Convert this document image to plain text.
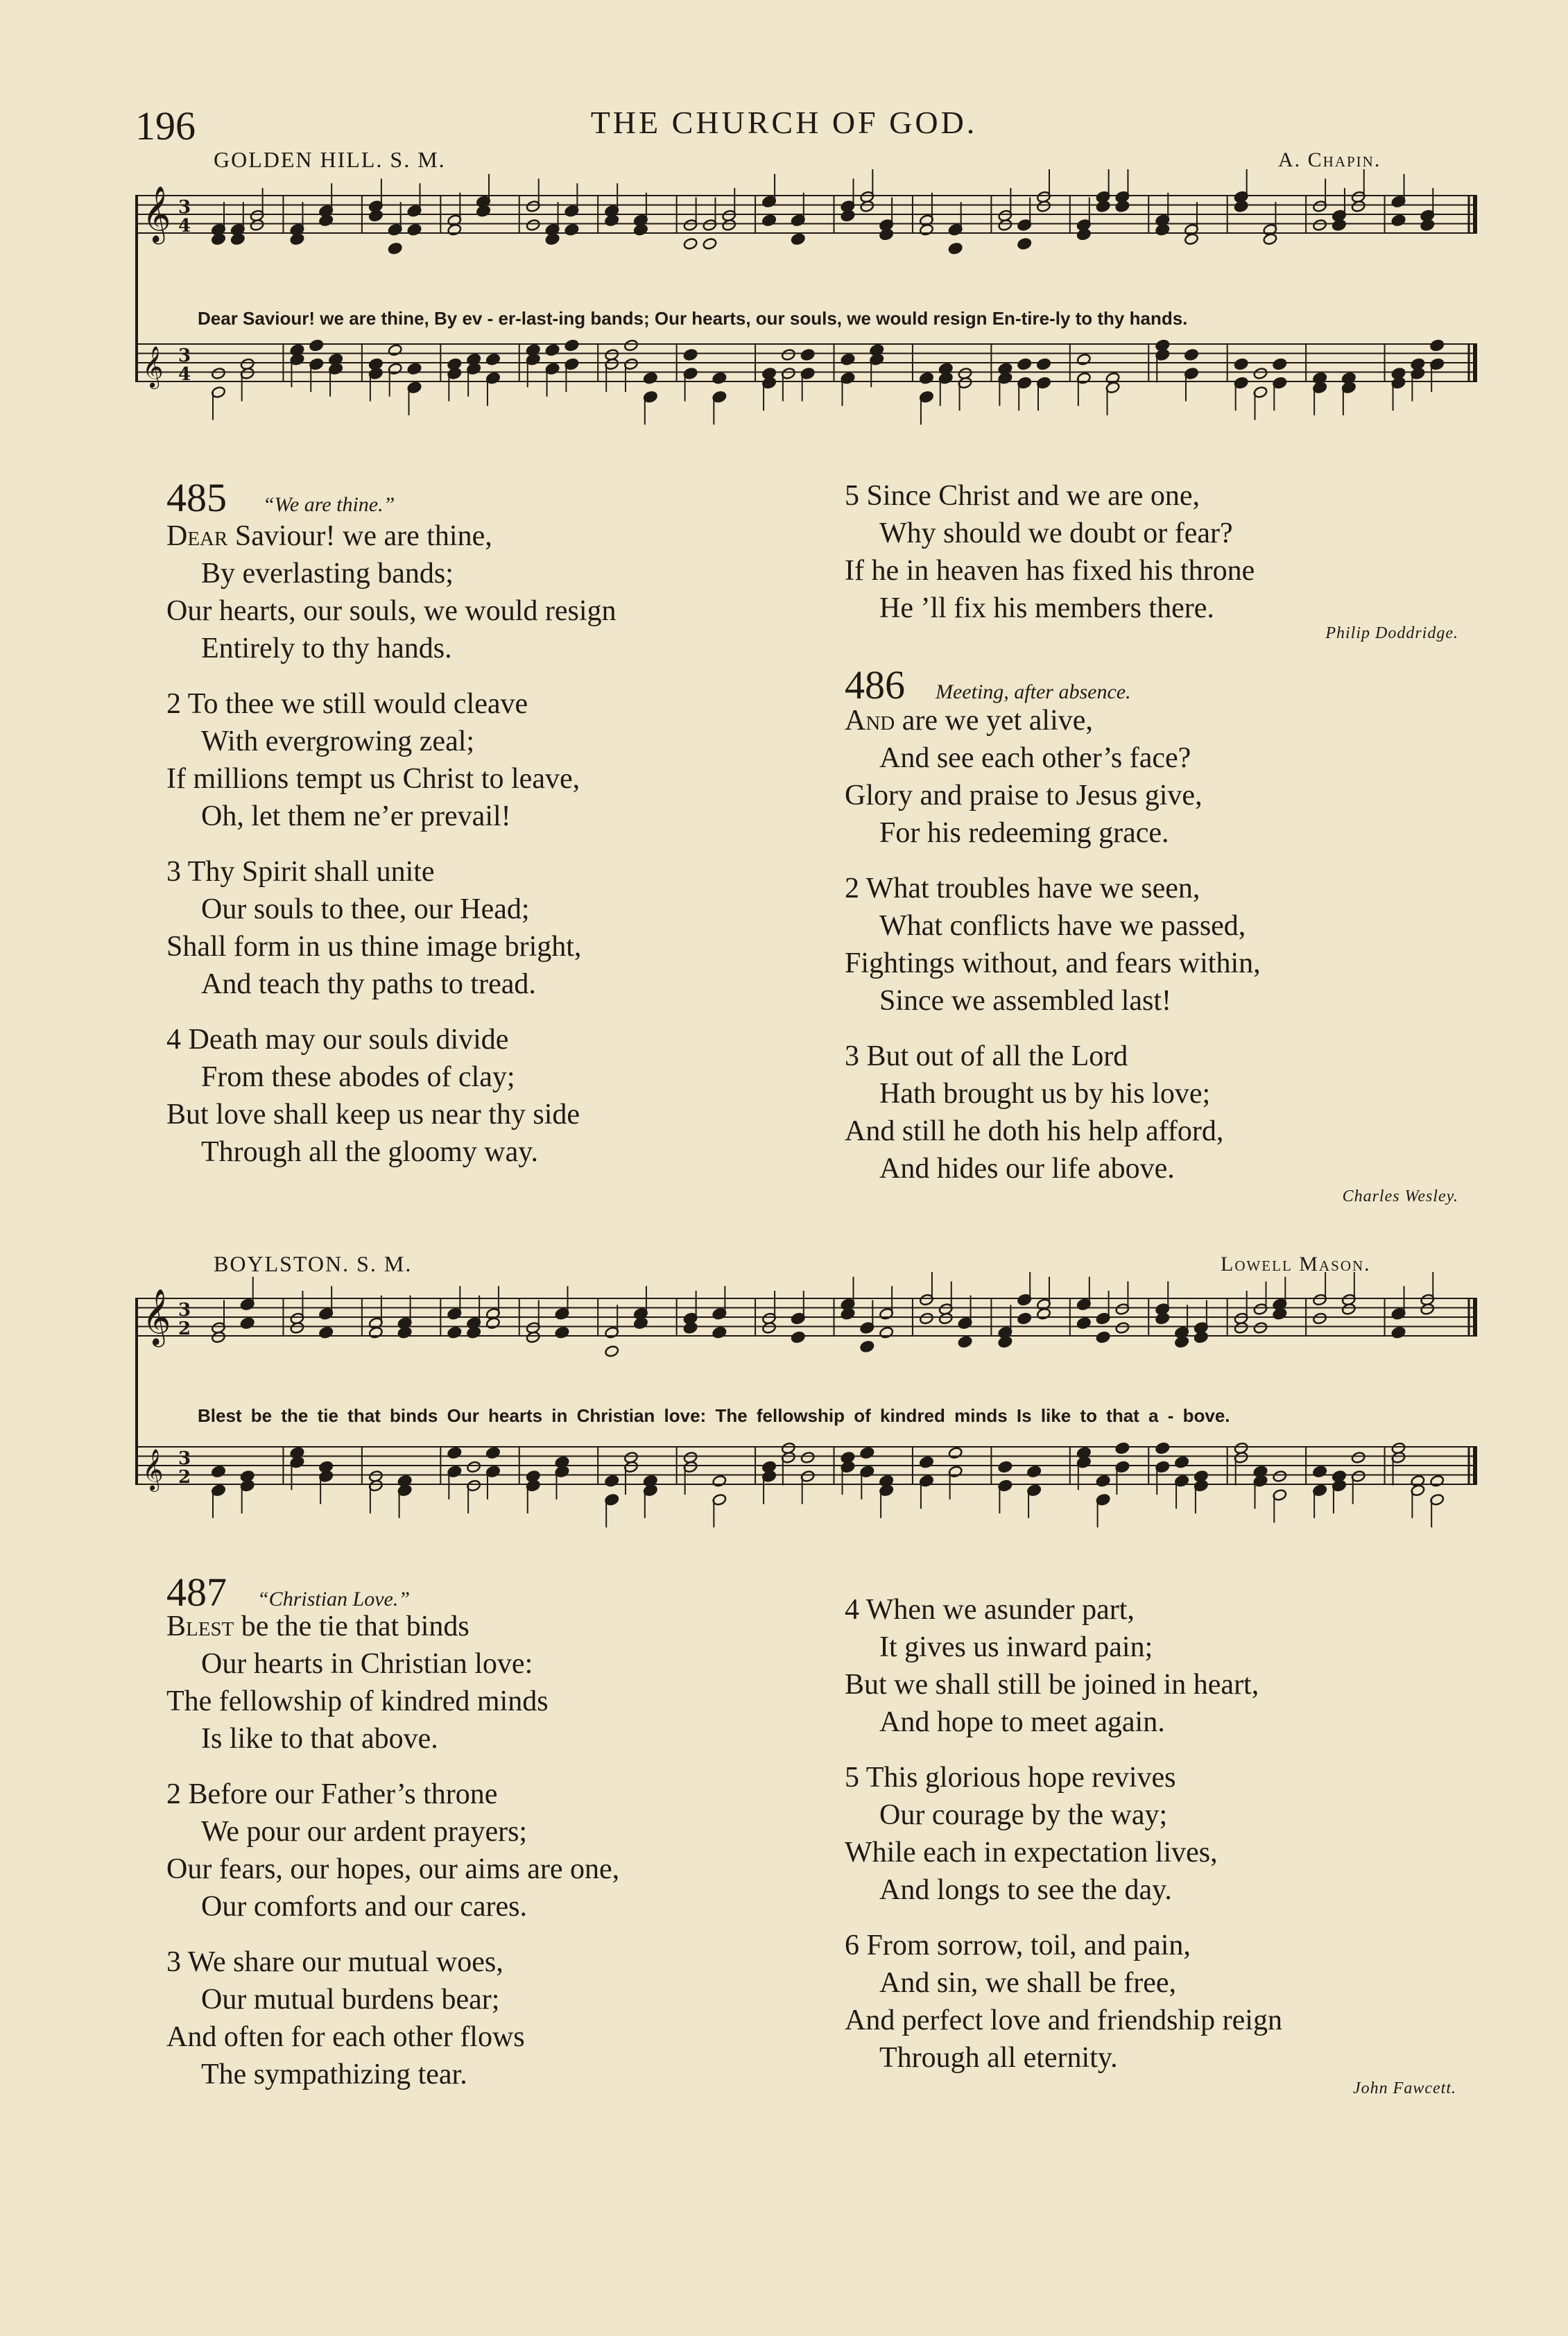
196	THE CHURCH OF GOD.
GOLDEN HILL. S. M.	A. Chapin.
𝄞 3
4
𝄞 3
4
Dear Saviour! we are thine, By ev - er-last-ing bands; Our hearts, our souls, we would resign En-tire-ly to thy hands.
BOYLSTON. S. M.	Lowell Mason.
𝄞 3
2
𝄞 3
2
Blest be the tie that binds Our hearts in Christian love: The fellowship of kindred minds Is like to that a - bove.
485 “We are thine.”
Dear Saviour! we are thine,
By everlasting bands;
Our hearts, our souls, we would resign
Entirely to thy hands.
2 To thee we still would cleave
With evergrowing zeal;
If millions tempt us Christ to leave,
Oh, let them ne’er prevail!
3 Thy Spirit shall unite
Our souls to thee, our Head;
Shall form in us thine image bright,
And teach thy paths to tread.
4 Death may our souls divide
From these abodes of clay;
But love shall keep us near thy side
Through all the gloomy way.
5 Since Christ and we are one,
Why should we doubt or fear?
If he in heaven has fixed his throne
He ’ll fix his members there.
Philip Doddridge.
486 Meeting, after absence.
And are we yet alive,
And see each other’s face?
Glory and praise to Jesus give,
For his redeeming grace.
2 What troubles have we seen,
What conflicts have we passed,
Fightings without, and fears within,
Since we assembled last!
3 But out of all the Lord
Hath brought us by his love;
And still he doth his help afford,
And hides our life above.
Charles Wesley.
487 “Christian Love.”
Blest be the tie that binds
Our hearts in Christian love:
The fellowship of kindred minds
Is like to that above.
2 Before our Father’s throne
We pour our ardent prayers;
Our fears, our hopes, our aims are one,
Our comforts and our cares.
3 We share our mutual woes,
Our mutual burdens bear;
And often for each other flows
The sympathizing tear.
4 When we asunder part,
It gives us inward pain;
But we shall still be joined in heart,
And hope to meet again.
5 This glorious hope revives
Our courage by the way;
While each in expectation lives,
And longs to see the day.
6 From sorrow, toil, and pain,
And sin, we shall be free,
And perfect love and friendship reign
Through all eternity.
John Fawcett.
